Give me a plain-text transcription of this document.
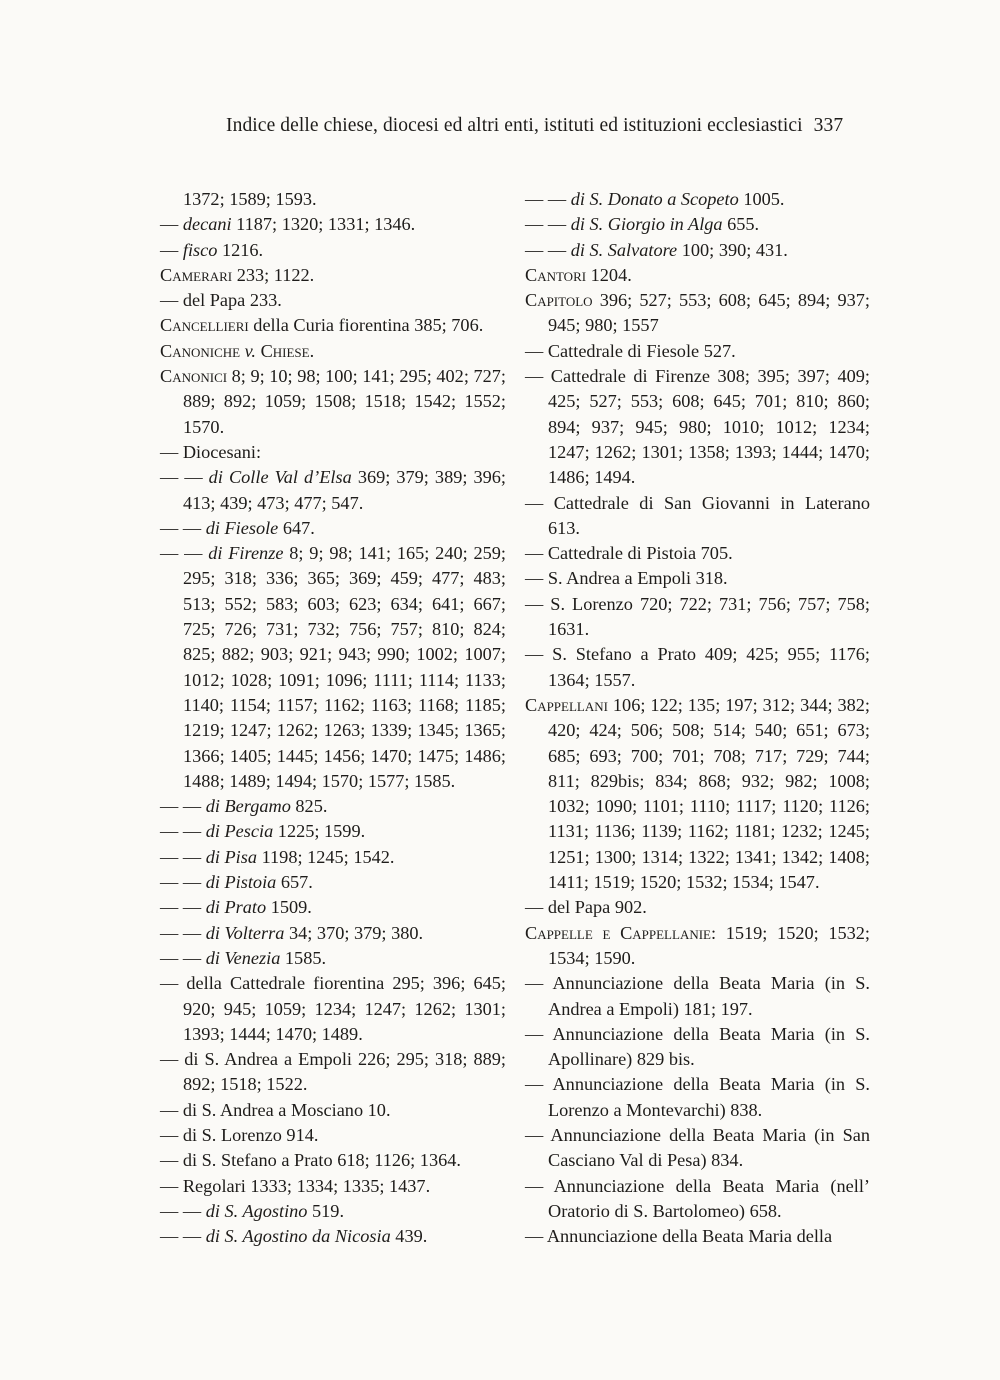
Indice delle chiese, diocesi ed altri enti, istituti ed istituzioni ecclesiastici 337
1372; 1589; 1593.
— decani 1187; 1320; 1331; 1346.
— fisco 1216.
Camerari 233; 1122.
— del Papa 233.
Cancellieri della Curia fiorentina 385; 706.
Canoniche v. Chiese.
Canonici 8; 9; 10; 98; 100; 141; 295; 402; 727; 889; 892; 1059; 1508; 1518; 1542; 1552; 1570.
— Diocesani:
— — di Colle Val d’Elsa 369; 379; 389; 396; 413; 439; 473; 477; 547.
— — di Fiesole 647.
— — di Firenze 8; 9; 98; 141; 165; 240; 259; 295; 318; 336; 365; 369; 459; 477; 483; 513; 552; 583; 603; 623; 634; 641; 667; 725; 726; 731; 732; 756; 757; 810; 824; 825; 882; 903; 921; 943; 990; 1002; 1007; 1012; 1028; 1091; 1096; 1111; 1114; 1133; 1140; 1154; 1157; 1162; 1163; 1168; 1185; 1219; 1247; 1262; 1263; 1339; 1345; 1365; 1366; 1405; 1445; 1456; 1470; 1475; 1486; 1488; 1489; 1494; 1570; 1577; 1585.
— — di Bergamo 825.
— — di Pescia 1225; 1599.
— — di Pisa 1198; 1245; 1542.
— — di Pistoia 657.
— — di Prato 1509.
— — di Volterra 34; 370; 379; 380.
— — di Venezia 1585.
— della Cattedrale fiorentina 295; 396; 645; 920; 945; 1059; 1234; 1247; 1262; 1301; 1393; 1444; 1470; 1489.
— di S. Andrea a Empoli 226; 295; 318; 889; 892; 1518; 1522.
— di S. Andrea a Mosciano 10.
— di S. Lorenzo 914.
— di S. Stefano a Prato 618; 1126; 1364.
— Regolari 1333; 1334; 1335; 1437.
— — di S. Agostino 519.
— — di S. Agostino da Nicosia 439.
— — di S. Donato a Scopeto 1005.
— — di S. Giorgio in Alga 655.
— — di S. Salvatore 100; 390; 431.
Cantori 1204.
Capitolo 396; 527; 553; 608; 645; 894; 937; 945; 980; 1557
— Cattedrale di Fiesole 527.
— Cattedrale di Firenze 308; 395; 397; 409; 425; 527; 553; 608; 645; 701; 810; 860; 894; 937; 945; 980; 1010; 1012; 1234; 1247; 1262; 1301; 1358; 1393; 1444; 1470; 1486; 1494.
— Cattedrale di San Giovanni in Laterano 613.
— Cattedrale di Pistoia 705.
— S. Andrea a Empoli 318.
— S. Lorenzo 720; 722; 731; 756; 757; 758; 1631.
— S. Stefano a Prato 409; 425; 955; 1176; 1364; 1557.
Cappellani 106; 122; 135; 197; 312; 344; 382; 420; 424; 506; 508; 514; 540; 651; 673; 685; 693; 700; 701; 708; 717; 729; 744; 811; 829bis; 834; 868; 932; 982; 1008; 1032; 1090; 1101; 1110; 1117; 1120; 1126; 1131; 1136; 1139; 1162; 1181; 1232; 1245; 1251; 1300; 1314; 1322; 1341; 1342; 1408; 1411; 1519; 1520; 1532; 1534; 1547.
— del Papa 902.
Cappelle e Cappellanie: 1519; 1520; 1532; 1534; 1590.
— Annunciazione della Beata Maria (in S. Andrea a Empoli) 181; 197.
— Annunciazione della Beata Maria (in S. Apollinare) 829 bis.
— Annunciazione della Beata Maria (in S. Lorenzo a Montevarchi) 838.
— Annunciazione della Beata Maria (in San Casciano Val di Pesa) 834.
— Annunciazione della Beata Maria (nell’ Oratorio di S. Bartolomeo) 658.
— Annunciazione della Beata Maria della
